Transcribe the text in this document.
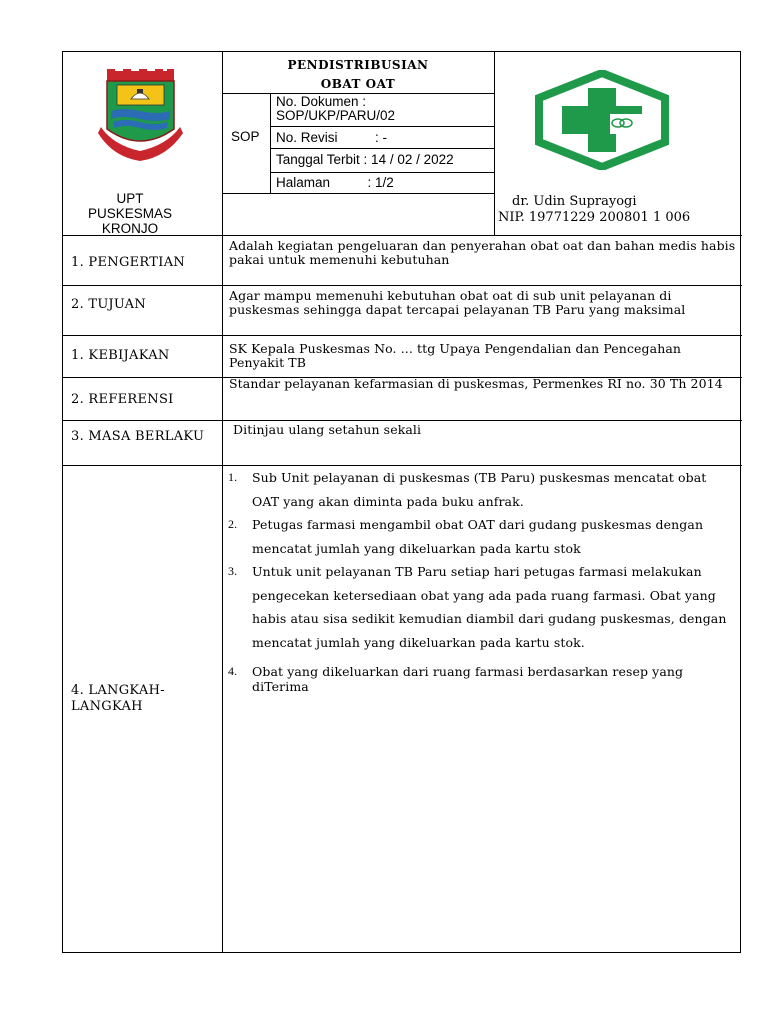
PENDISTRIBUSIAN
OBAT OAT
SOP
No. Dokumen :
SOP/UKP/PARU/02
No. Revisi          : -
Tanggal Terbit : 14 / 02 / 2022
Halaman          : 1/2
UPT
PUSKESMAS
KRONJO
dr. Udin Suprayogi
NIP. 19771229 200801 1 006
1. PENGERTIAN
Adalah kegiatan pengeluaran dan penyerahan obat oat dan bahan medis habis pakai untuk memenuhi kebutuhan
2. TUJUAN
Agar mampu memenuhi kebutuhan obat oat di sub unit pelayanan di puskesmas sehingga dapat tercapai pelayanan TB Paru yang maksimal
1. KEBIJAKAN	SK Kepala Puskesmas No. ... ttg Upaya Pengendalian dan Pencegahan Penyakit TB
2. REFERENSI
Standar pelayanan kefarmasian di puskesmas, Permenkes RI no. 30 Th 2014
3. MASA BERLAKU Ditinjau ulang setahun sekali
4. LANGKAH-LANGKAH
1. Sub Unit pelayanan di puskesmas (TB Paru) puskesmas mencatat obat OAT yang akan diminta pada buku anfrak.
2. Petugas farmasi mengambil obat OAT dari gudang puskesmas dengan mencatat jumlah yang dikeluarkan pada kartu stok
3. Untuk unit pelayanan TB Paru setiap hari petugas farmasi melakukan pengecekan ketersediaan obat yang ada pada ruang farmasi. Obat yang habis atau sisa sedikit kemudian diambil dari gudang puskesmas, dengan mencatat jumlah yang dikeluarkan pada kartu stok.
4. Obat yang dikeluarkan dari ruang farmasi berdasarkan resep yang diTerima
